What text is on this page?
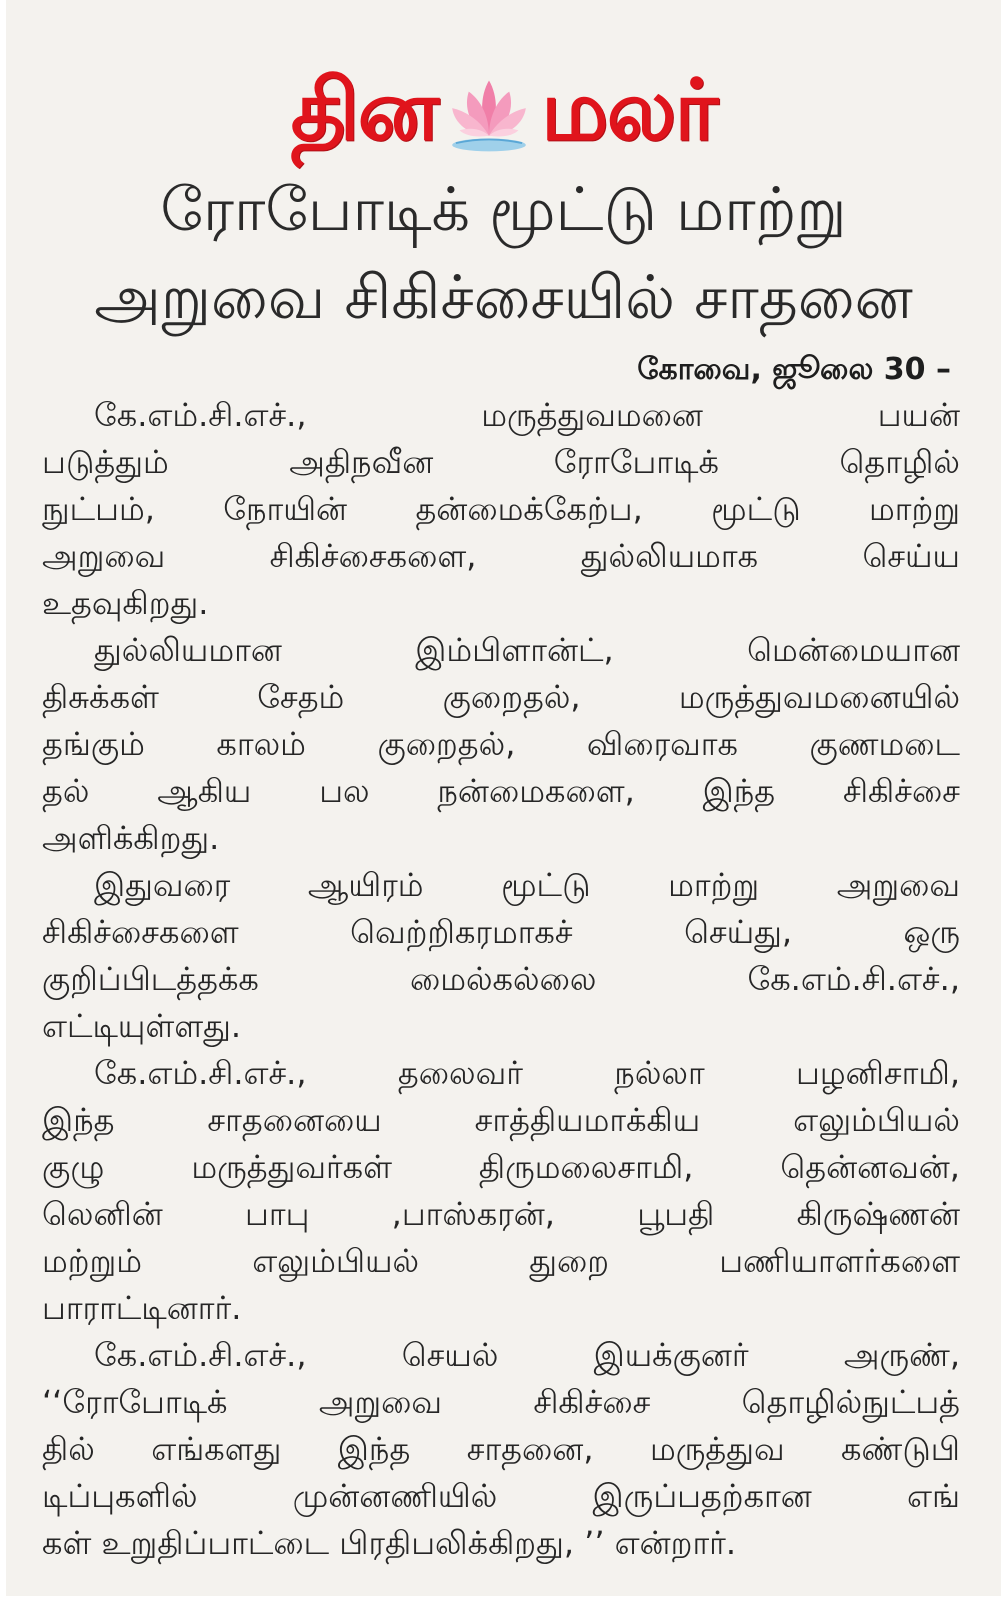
தின மலர்
ரோபோடிக் மூட்டு மாற்று
அறுவை சிகிச்சையில் சாதனை
கோவை, ஜூலை 30 –
கே.எம்.சி.எச்.,	மருத்துவமனை	பயன்
படுத்தும்	அதிநவீன	ரோபோடிக்	தொழில்
நுட்பம், நோயின் தன்மைக்கேற்ப, மூட்டு மாற்று
அறுவை	சிகிச்சைகளை,	துல்லியமாக	செய்ய
உதவுகிறது.
துல்லியமான	இம்பிளான்ட்,	மென்மையான
திசுக்கள்	சேதம்	குறைதல்,	மருத்துவமனையில்
தங்கும் காலம் குறைதல், விரைவாக குணமடை
தல் ஆகிய பல நன்மைகளை, இந்த சிகிச்சை
அளிக்கிறது.
இதுவரை ஆயிரம் மூட்டு மாற்று அறுவை
சிகிச்சைகளை	வெற்றிகரமாகச்	செய்து,	ஒரு
குறிப்பிடத்தக்க	மைல்கல்லை	கே.எம்.சி.எச்.,
எட்டியுள்ளது.
கே.எம்.சி.எச்.,	தலைவர்	நல்லா	பழனிசாமி,
இந்த	சாதனையை	சாத்தியமாக்கிய	எலும்பியல்
குழு	மருத்துவர்கள்	திருமலைசாமி,	தென்னவன்,
லெனின்	பாபு	,பாஸ்கரன்,	பூபதி	கிருஷ்ணன்
மற்றும்	எலும்பியல்	துறை	பணியாளர்களை
பாராட்டினார்.
கே.எம்.சி.எச்.,	செயல்	இயக்குனர்	அருண்,
‘‘ரோபோடிக்	அறுவை	சிகிச்சை	தொழில்நுட்பத்
தில் எங்களது இந்த சாதனை, மருத்துவ கண்டுபி
டிப்புகளில்	முன்னணியில்	இருப்பதற்கான	எங்
கள் உறுதிப்பாட்டை பிரதிபலிக்கிறது, ’’ என்றார்.
